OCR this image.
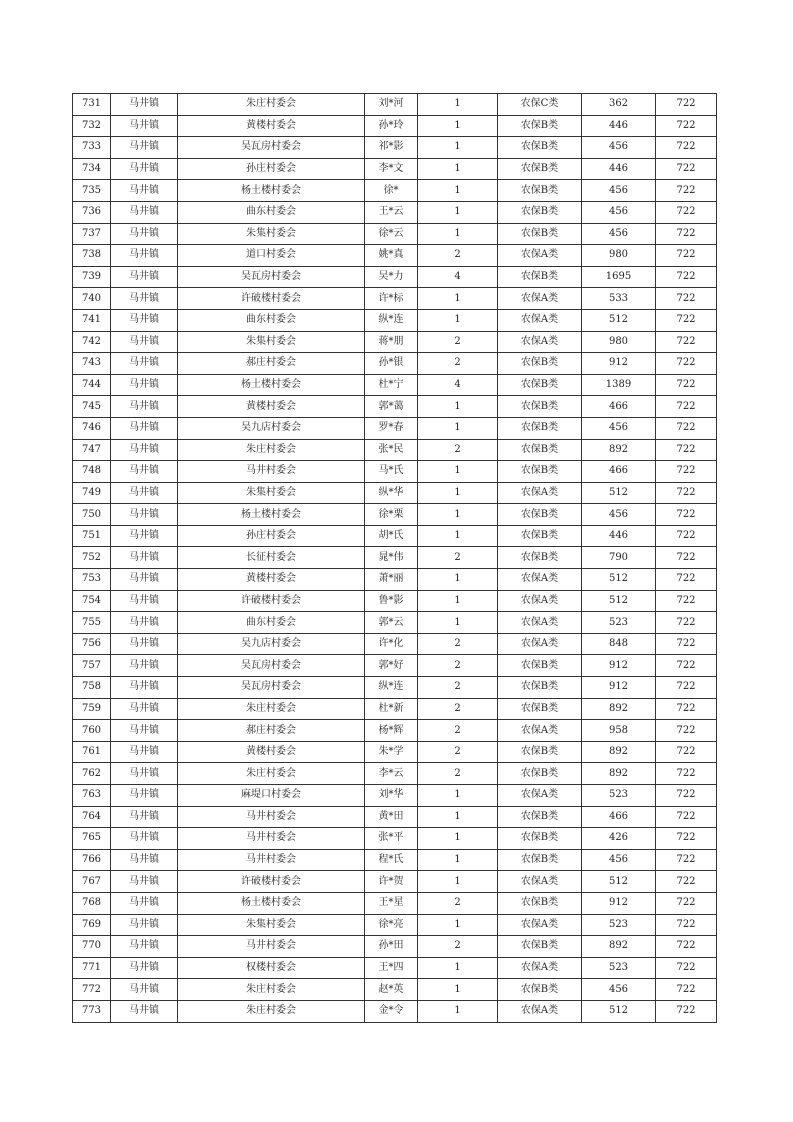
731	马井镇	朱庄村委会	刘*河	1	农保C类	362	722
732	马井镇	黄楼村委会	孙*玲	1	农保B类	446	722
733	马井镇	吴瓦房村委会	祁*影	1	农保B类	456	722
734	马井镇	孙庄村委会	李*文	1	农保B类	446	722
735	马井镇	杨土楼村委会	徐*	1	农保B类	456	722
736	马井镇	曲东村委会	王*云	1	农保B类	456	722
737	马井镇	朱集村委会	徐*云	1	农保B类	456	722
738	马井镇	道口村委会	姚*真	2	农保A类	980	722
739	马井镇	吴瓦房村委会	吴*力	4	农保B类	1695	722
740	马井镇	许破楼村委会	许*标	1	农保A类	533	722
741	马井镇	曲东村委会	纵*连	1	农保A类	512	722
742	马井镇	朱集村委会	蒋*朋	2	农保A类	980	722
743	马井镇	郝庄村委会	孙*银	2	农保B类	912	722
744	马井镇	杨土楼村委会	杜*宁	4	农保B类	1389	722
745	马井镇	黄楼村委会	郭*蔼	1	农保B类	466	722
746	马井镇	吴九店村委会	罗*春	1	农保B类	456	722
747	马井镇	朱庄村委会	张*民	2	农保B类	892	722
748	马井镇	马井村委会	马*氏	1	农保B类	466	722
749	马井镇	朱集村委会	纵*华	1	农保A类	512	722
750	马井镇	杨土楼村委会	徐*栗	1	农保B类	456	722
751	马井镇	孙庄村委会	胡*氏	1	农保B类	446	722
752	马井镇	长征村委会	晁*伟	2	农保B类	790	722
753	马井镇	黄楼村委会	萧*丽	1	农保A类	512	722
754	马井镇	许破楼村委会	鲁*影	1	农保A类	512	722
755	马井镇	曲东村委会	郭*云	1	农保A类	523	722
756	马井镇	吴九店村委会	许*化	2	农保A类	848	722
757	马井镇	吴瓦房村委会	郭*好	2	农保B类	912	722
758	马井镇	吴瓦房村委会	纵*连	2	农保B类	912	722
759	马井镇	朱庄村委会	杜*新	2	农保B类	892	722
760	马井镇	郝庄村委会	杨*辉	2	农保A类	958	722
761	马井镇	黄楼村委会	朱*学	2	农保B类	892	722
762	马井镇	朱庄村委会	李*云	2	农保B类	892	722
763	马井镇	麻堤口村委会	刘*华	1	农保A类	523	722
764	马井镇	马井村委会	黄*田	1	农保B类	466	722
765	马井镇	马井村委会	张*平	1	农保B类	426	722
766	马井镇	马井村委会	程*氏	1	农保B类	456	722
767	马井镇	许破楼村委会	许*贺	1	农保A类	512	722
768	马井镇	杨土楼村委会	王*星	2	农保B类	912	722
769	马井镇	朱集村委会	徐*亮	1	农保A类	523	722
770	马井镇	马井村委会	孙*田	2	农保B类	892	722
771	马井镇	权楼村委会	王*四	1	农保A类	523	722
772	马井镇	朱庄村委会	赵*英	1	农保B类	456	722
773	马井镇	朱庄村委会	金*令	1	农保A类	512	722
